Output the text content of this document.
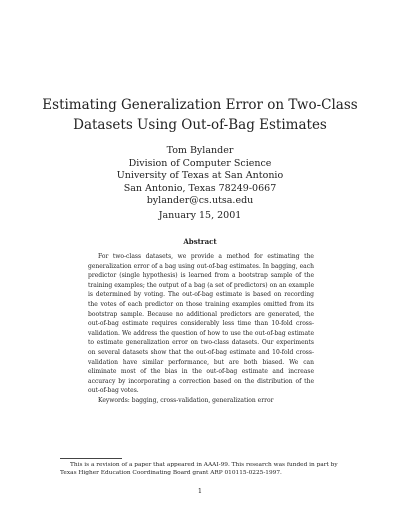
Estimating Generalization Error on Two-Class
Datasets Using Out-of-Bag Estimates
Tom Bylander
Division of Computer Science
University of Texas at San Antonio
San Antonio, Texas 78249-0667
bylander@cs.utsa.edu
January 15, 2001
Abstract

For two-class datasets, we provide a method for estimating the generalization error of a bag using out-of-bag estimates. In bagging, each predictor (single hypothesis) is learned from a bootstrap sample of the training examples; the output of a bag (a set of predictors) on an example is determined by voting. The out-of-bag estimate is based on recording the votes of each predictor on those training examples omitted from its bootstrap sample. Because no additional predictors are generated, the out-of-bag estimate requires considerably less time than 10-fold cross-validation. We address the question of how to use the out-of-bag estimate to estimate generalization error on two-class datasets. Our experiments on several datasets show that the out-of-bag estimate and 10-fold cross-validation have similar performance, but are both biased. We can eliminate most of the bias in the out-of-bag estimate and increase accuracy by incorporating a correction based on the distribution of the out-of-bag votes.

Keywords: bagging, cross-validation, generalization error

This is a revision of a paper that appeared in AAAI-99. This research was funded in part by Texas Higher Education Coordinating Board grant ARP 010115-0225-1997.
1
